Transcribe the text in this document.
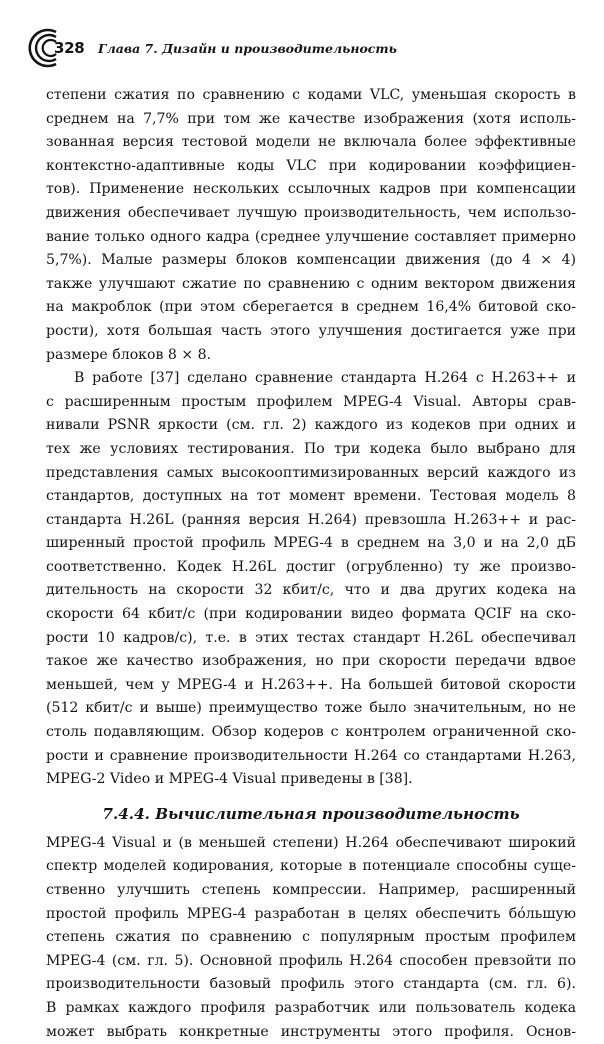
328 Глава 7. Дизайн и производительность
степени сжатия по сравнению с кодами VLC, уменьшая скорость в
среднем на 7,7% при том же качестве изображения (хотя исполь-
зованная версия тестовой модели не включала более эффективные
контекстно-адаптивные коды VLC при кодировании коэффициен-
тов). Применение нескольких ссылочных кадров при компенсации
движения обеспечивает лучшую производительность, чем использо-
вание только одного кадра (среднее улучшение составляет примерно
5,7%). Малые размеры блоков компенсации движения (до 4 × 4)
также улучшают сжатие по сравнению с одним вектором движения
на макроблок (при этом сберегается в среднем 16,4% битовой ско-
рости), хотя большая часть этого улучшения достигается уже при
размере блоков 8 × 8.
В работе [37] сделано сравнение стандарта H.264 с H.263++ и
с расширенным простым профилем MPEG-4 Visual. Авторы срав-
нивали PSNR яркости (см. гл. 2) каждого из кодеков при одних и
тех же условиях тестирования. По три кодека было выбрано для
представления самых высокооптимизированных версий каждого из
стандартов, доступных на тот момент времени. Тестовая модель 8
стандарта H.26L (ранняя версия H.264) превзошла H.263++ и рас-
ширенный простой профиль MPEG-4 в среднем на 3,0 и на 2,0 дБ
соответственно. Кодек H.26L достиг (огрубленно) ту же произво-
дительность на скорости 32 кбит/с, что и два других кодека на
скорости 64 кбит/с (при кодировании видео формата QCIF на ско-
рости 10 кадров/с), т.е. в этих тестах стандарт H.26L обеспечивал
такое же качество изображения, но при скорости передачи вдвое
меньшей, чем у MPEG-4 и H.263++. На большей битовой скорости
(512 кбит/с и выше) преимущество тоже было значительным, но не
столь подавляющим. Обзор кодеров с контролем ограниченной ско-
рости и сравнение производительности H.264 со стандартами H.263,
MPEG-2 Video и MPEG-4 Visual приведены в [38].
7.4.4. Вычислительная производительность
MPEG-4 Visual и (в меньшей степени) H.264 обеспечивают широкий
спектр моделей кодирования, которые в потенциале способны суще-
ственно улучшить степень компрессии. Например, расширенный
простой профиль MPEG-4 разработан в целях обеспечить бóльшую
степень сжатия по сравнению с популярным простым профилем
MPEG-4 (см. гл. 5). Основной профиль H.264 способен превзойти по
производительности базовый профиль этого стандарта (см. гл. 6).
В рамках каждого профиля разработчик или пользователь кодека
может выбрать конкретные инструменты этого профиля. Основ-
